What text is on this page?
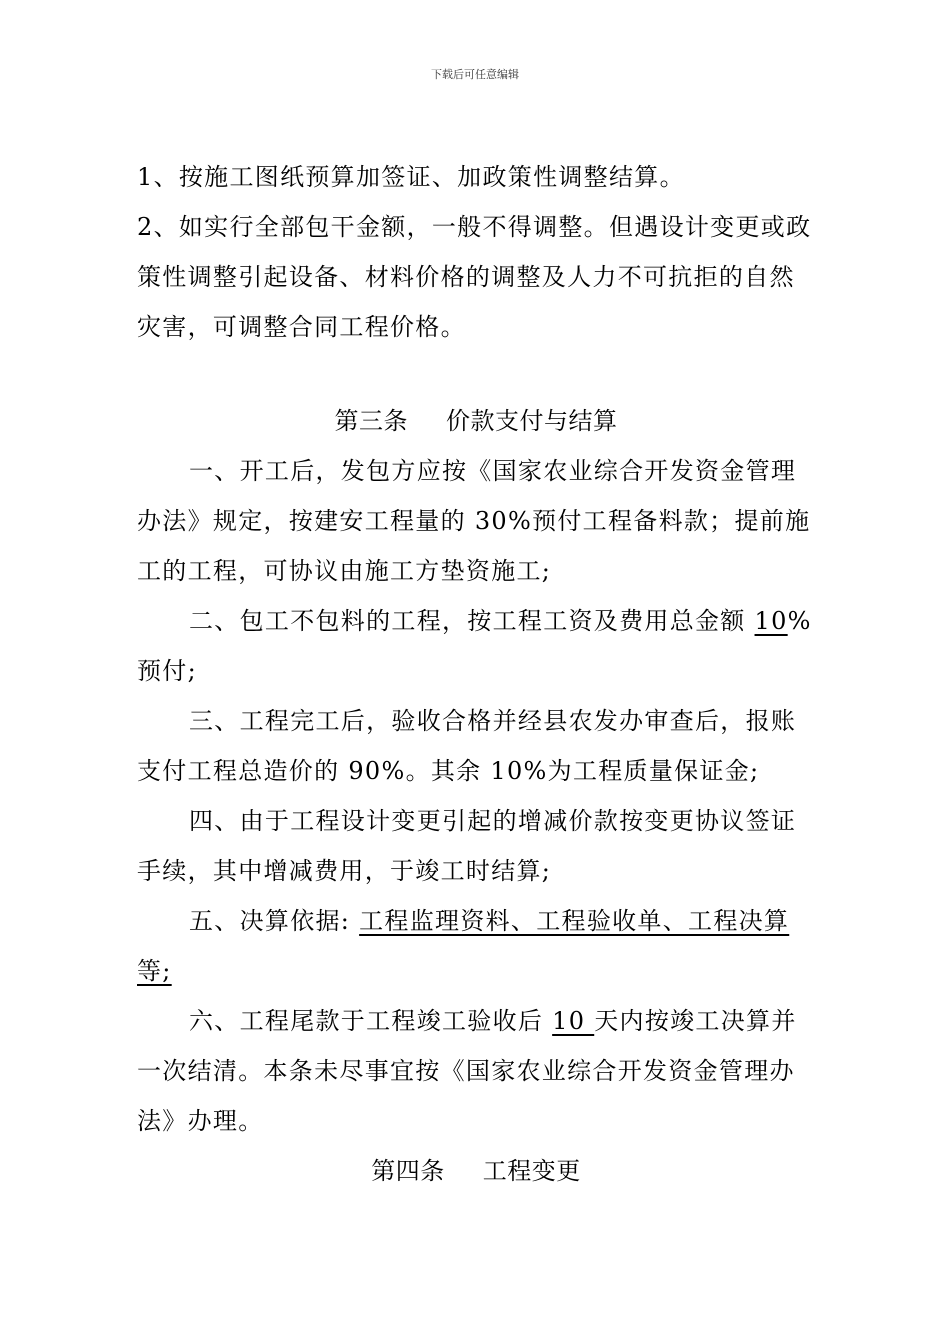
下载后可任意编辑

1、按施工图纸预算加签证、加政策性调整结算。

2、如实行全部包干金额，一般不得调整。但遇设计变更或政策性调整引起设备、材料价格的调整及人力不可抗拒的自然灾害，可调整合同工程价格。

第三条 价款支付与结算

一、开工后，发包方应按《国家农业综合开发资金管理办法》规定，按建安工程量的 30%预付工程备料款；提前施工的工程，可协议由施工方垫资施工;

二、包工不包料的工程，按工程工资及费用总金额 10%预付;

三、工程完工后，验收合格并经县农发办审查后，报账支付工程总造价的 90%。其余 10%为工程质量保证金;

四、由于工程设计变更引起的增减价款按变更协议签证手续，其中增减费用，于竣工时结算;

五、决算依据: 工程监理资料、工程验收单、工程决算等;

六、工程尾款于工程竣工验收后 10 天内按竣工决算并一次结清。本条未尽事宜按《国家农业综合开发资金管理办法》办理。

第四条 工程变更
